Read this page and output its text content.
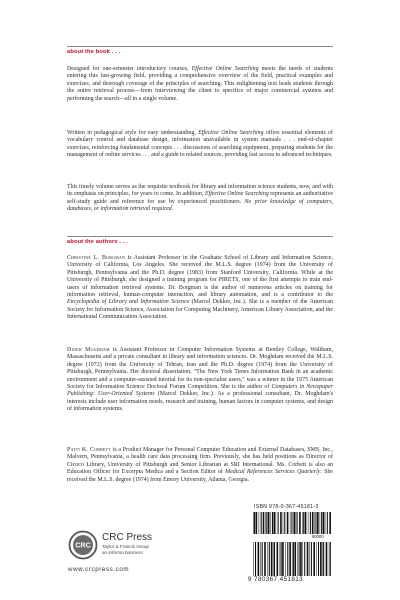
about the book . . .

Designed for one-semester introductory courses, Effective Online Searching meets the needs of students entering this fast-growing field, providing a comprehensive overview of the field, practical examples and exercises, and thorough coverage of the principles of searching. This enlightening text leads students through the entire retrieval process—from interviewing the client to specifics of major commercial systems and performing the search—all in a single volume.

Written in pedagogical style for easy understanding, Effective Online Searching offers essential elements of vocabulary control and database design, information unavailable in system manuals . . . end-of-chapter exercises, reinforcing fundamental concepts . . . discussions of searching equipment, preparing students for the management of online services . . . and a guide to related sources, providing fast access to advanced techniques.

This timely volume serves as the requisite textbook for library and information science students, now, and with its emphasis on principles, for years to come. In addition, Effective Online Searching represents an authoritative self-study guide and reference for use by experienced practitioners. No prior knowledge of computers, databases, or information retrieval required.

about the authors . . .

Christine L. Borgman is Assistant Professor in the Graduate School of Library and Information Science, University of California, Los Angeles. She received the M.L.S. degree (1974) from the University of Pittsburgh, Pennsylvania and the Ph.D. degree (1983) from Stanford University, California. While at the University of Pittsburgh, she designed a training program for PIRETS, one of the first attempts to train end-users of information retrieval systems. Dr. Borgman is the author of numerous articles on training for information retrieval, human-computer interaction, and library automation, and is a contributor to the Encyclopedia of Library and Information Science (Marcel Dekker, Inc.). She is a member of the American Society for Information Science, Association for Computing Machinery, American Library Association, and the International Communication Association.

Dineh Moghdam is Assistant Professor in Computer Information Systems at Bentley College, Waltham, Massachusetts and a private consultant in library and information sciences. Dr. Moghdam received the M.L.S. degree (1972) from the University of Tehran, Iran and the Ph.D. degree (1974) from the University of Pittsburgh, Pennsylvania. Her doctoral dissertation, "The New York Times Information Bank in an academic environment and a computer-assisted tutorial for its non-specialist users," was a winner in the 1975 American Society for Information Science Doctoral Forum Competition. She is the author of Computers in Newspaper Publishing: User-Oriented Systems (Marcel Dekker, Inc.). As a professional consultant, Dr. Moghdam's interests include user information needs, research and training, human factors in computer systems, and design of information systems.

Patti K. Corbett is a Product Manager for Personal Computer Education and External Databases, SMS, Inc., Malvern, Pennsylvania, a health care data processing firm. Previously, she has held positions as Director of Cicoco Library, University of Pittsburgh and Senior Librarian at SRI International. Ms. Corbett is also an Education Officer for Excerpta Medica and a Section Editor of Medical References Services Quarterly. She received the M.L.S. degree (1974) from Emory University, Atlanta, Georgia.

CRC
CRC Press
Taylor & Francis Group
an informa business
www.crcpress.com
ISBN 978-0-367-45181-3
90000
9 780367 451813
